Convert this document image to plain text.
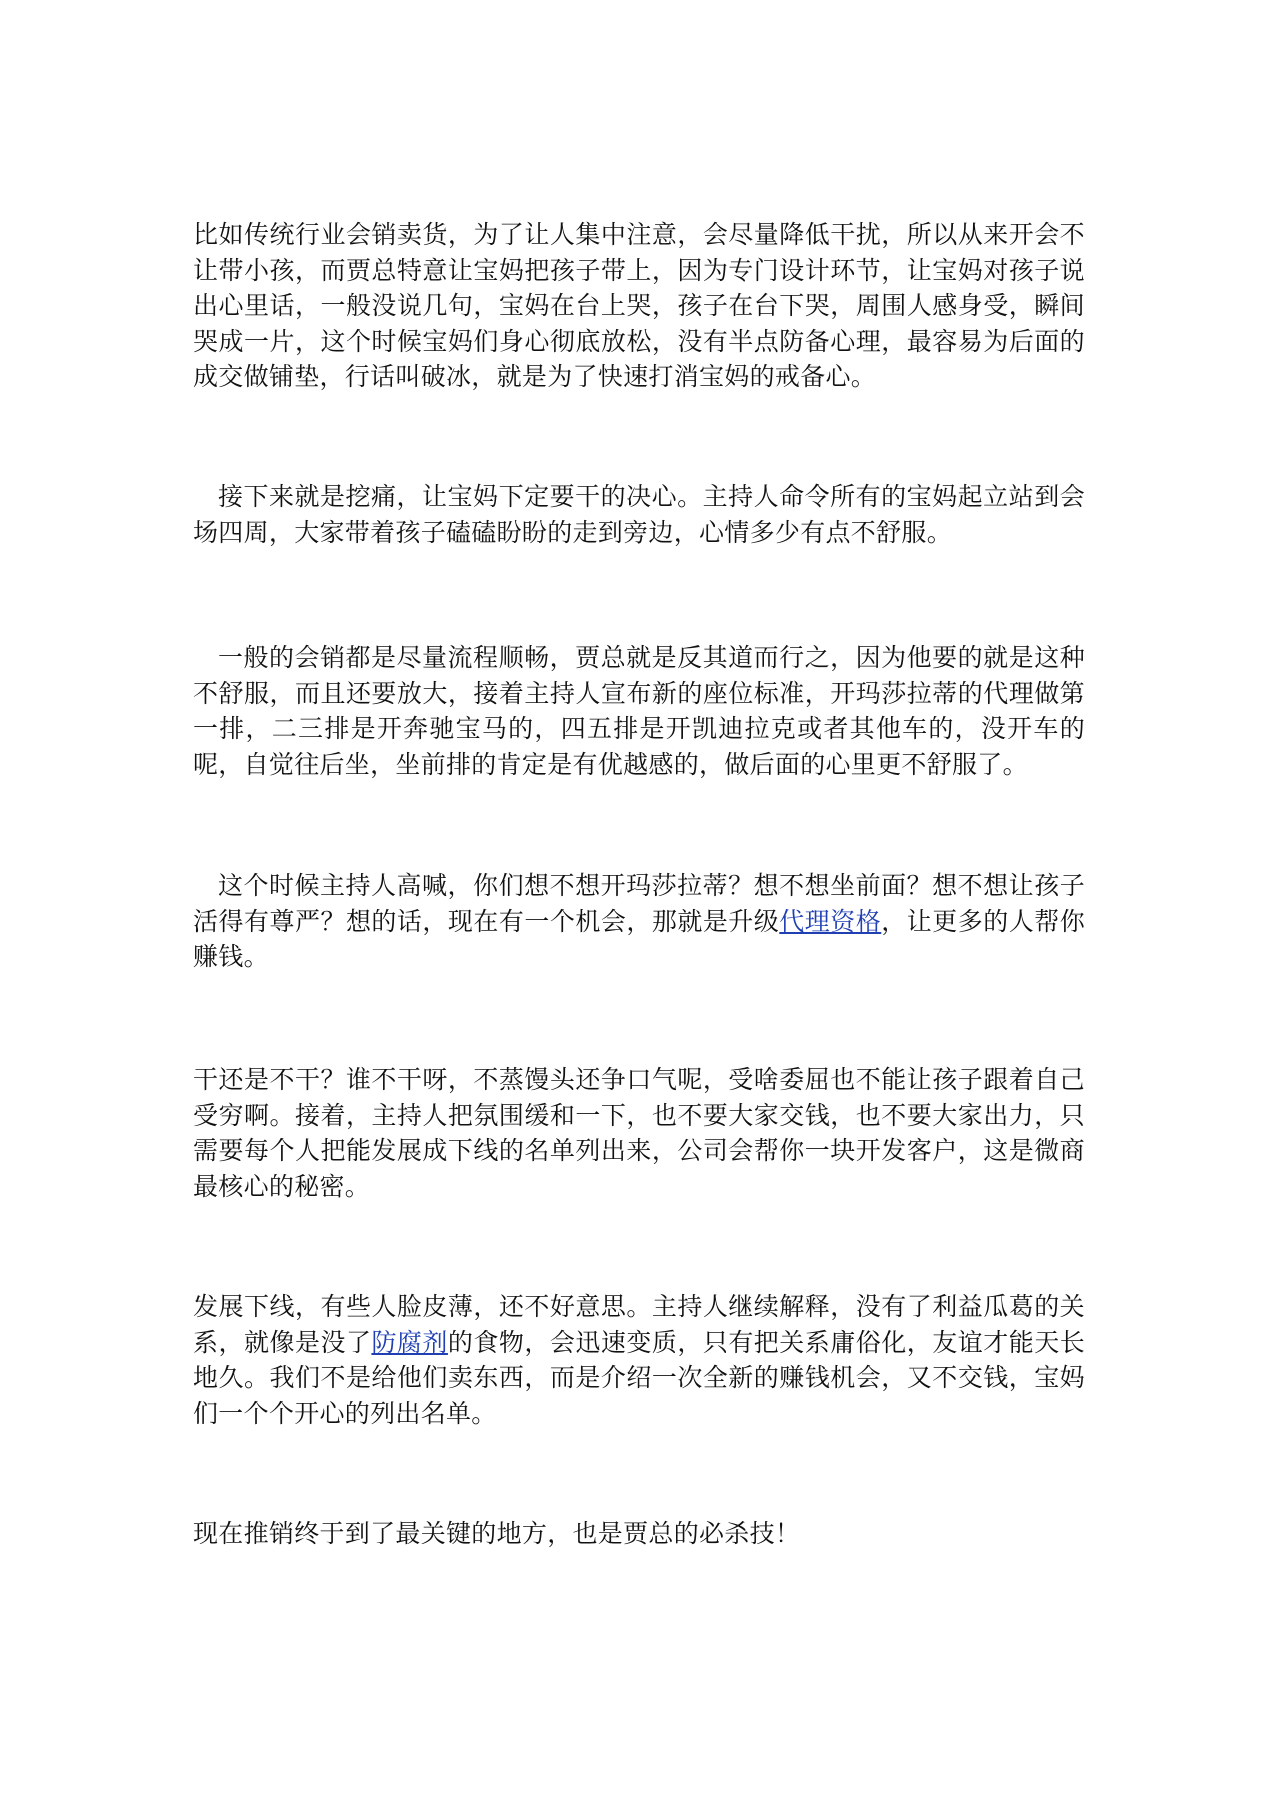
比如传统行业会销卖货，为了让人集中注意，会尽量降低干扰，所以从来开会不让带小孩，而贾总特意让宝妈把孩子带上，因为专门设计环节，让宝妈对孩子说出心里话，一般没说几句，宝妈在台上哭，孩子在台下哭，周围人感身受，瞬间哭成一片，这个时候宝妈们身心彻底放松，没有半点防备心理，最容易为后面的成交做铺垫，行话叫破冰，就是为了快速打消宝妈的戒备心。

接下来就是挖痛，让宝妈下定要干的决心。主持人命令所有的宝妈起立站到会场四周，大家带着孩子磕磕盼盼的走到旁边，心情多少有点不舒服。

一般的会销都是尽量流程顺畅，贾总就是反其道而行之，因为他要的就是这种不舒服，而且还要放大，接着主持人宣布新的座位标准，开玛莎拉蒂的代理做第一排，二三排是开奔驰宝马的，四五排是开凯迪拉克或者其他车的，没开车的呢，自觉往后坐，坐前排的肯定是有优越感的，做后面的心里更不舒服了。

这个时候主持人高喊，你们想不想开玛莎拉蒂？想不想坐前面？想不想让孩子活得有尊严？想的话，现在有一个机会，那就是升级代理资格，让更多的人帮你赚钱。

干还是不干？谁不干呀，不蒸馒头还争口气呢，受啥委屈也不能让孩子跟着自己受穷啊。接着，主持人把氛围缓和一下，也不要大家交钱，也不要大家出力，只需要每个人把能发展成下线的名单列出来，公司会帮你一块开发客户，这是微商最核心的秘密。

发展下线，有些人脸皮薄，还不好意思。主持人继续解释，没有了利益瓜葛的关系，就像是没了防腐剂的食物，会迅速变质，只有把关系庸俗化，友谊才能天长地久。我们不是给他们卖东西，而是介绍一次全新的赚钱机会，又不交钱，宝妈们一个个开心的列出名单。

现在推销终于到了最关键的地方，也是贾总的必杀技！
